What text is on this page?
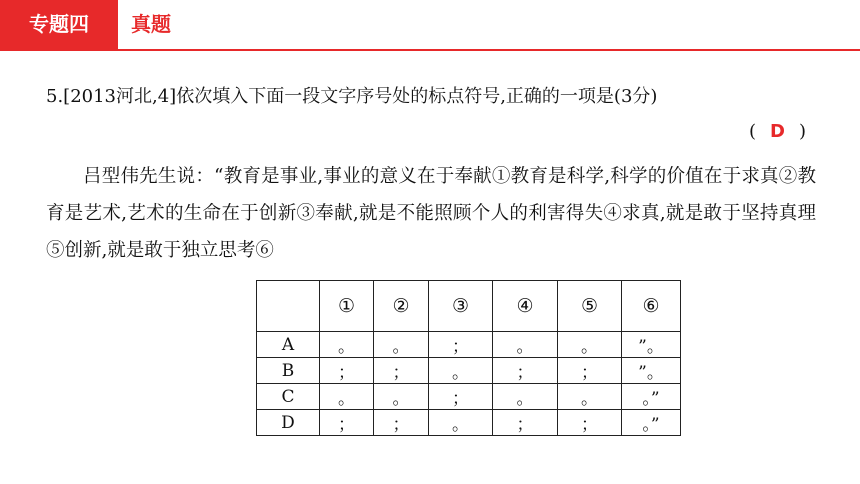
专题四	真题
5.[2013河北,4]依次填入下面一段文字序号处的标点符号,正确的一项是(3分)
( D )
吕型伟先生说：“教育是事业,事业的意义在于奉献①教育是科学,科学的价值在于求真②教育是艺术,艺术的生命在于创新③奉献,就是不能照顾个人的利害得失④求真,就是敢于坚持真理⑤创新,就是敢于独立思考⑥
	①	②	③	④	⑤	⑥
A	。	。	；	。	。	”。
B	；	；	。	；	；	”。
C	。	。	；	。	。	。”
D	；	；	。	；	；	。”
